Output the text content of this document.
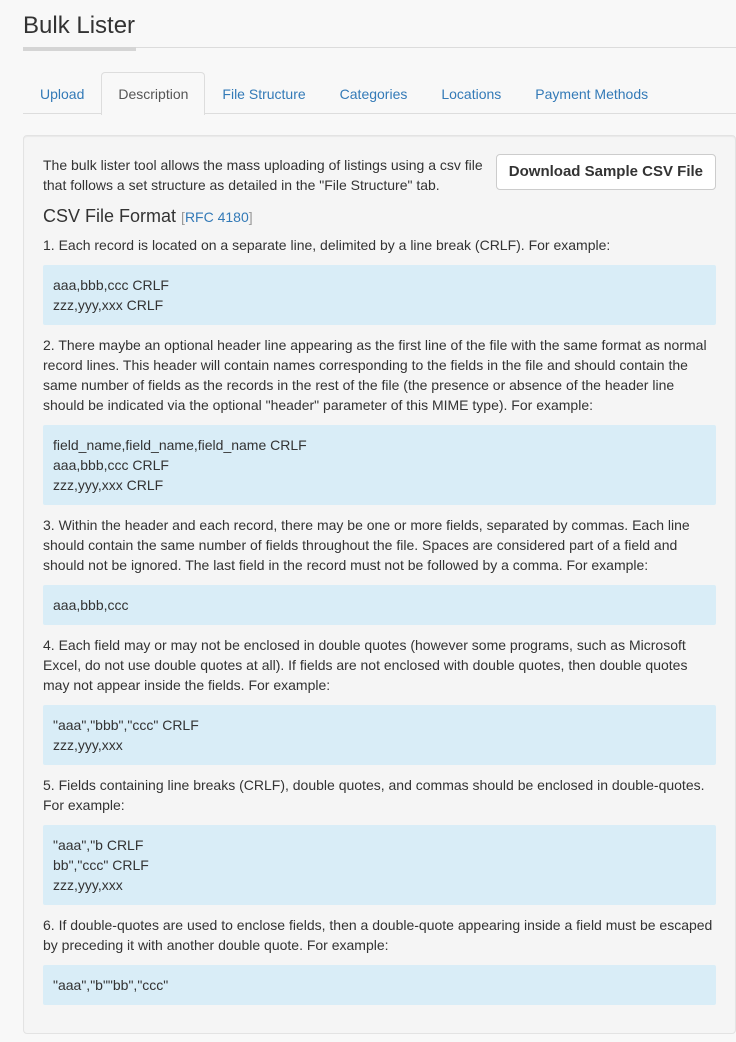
Bulk Lister
Upload	Description	File Structure	Categories	Locations	Payment Methods
Download Sample CSV File

The bulk lister tool allows the mass uploading of listings using a csv file that follows a set structure as detailed in the "File Structure" tab.

CSV File Format [RFC 4180]

1. Each record is located on a separate line, delimited by a line break (CRLF). For example:

aaa,bbb,ccc CRLF
zzz,yyy,xxx CRLF

2. There maybe an optional header line appearing as the first line of the file with the same format as normal record lines. This header will contain names corresponding to the fields in the file and should contain the same number of fields as the records in the rest of the file (the presence or absence of the header line should be indicated via the optional "header" parameter of this MIME type). For example:

field_name,field_name,field_name CRLF
aaa,bbb,ccc CRLF
zzz,yyy,xxx CRLF

3. Within the header and each record, there may be one or more fields, separated by commas. Each line should contain the same number of fields throughout the file. Spaces are considered part of a field and should not be ignored. The last field in the record must not be followed by a comma. For example:

aaa,bbb,ccc

4. Each field may or may not be enclosed in double quotes (however some programs, such as Microsoft Excel, do not use double quotes at all). If fields are not enclosed with double quotes, then double quotes may not appear inside the fields. For example:

"aaa","bbb","ccc" CRLF
zzz,yyy,xxx

5. Fields containing line breaks (CRLF), double quotes, and commas should be enclosed in double-quotes. For example:

"aaa","b CRLF
bb","ccc" CRLF
zzz,yyy,xxx

6. If double-quotes are used to enclose fields, then a double-quote appearing inside a field must be escaped by preceding it with another double quote. For example:

"aaa","b""bb","ccc"
